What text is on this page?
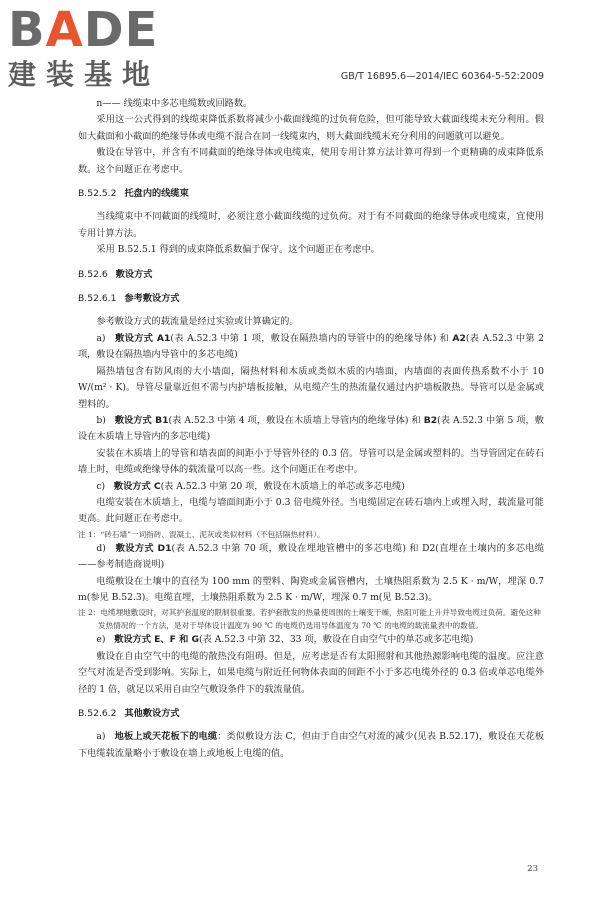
BADE
建装基地	GB/T 16895.6—2014/IEC 60364-5-52:2009

n—— 线缆束中多芯电缆数或回路数。

采用这一公式得到的线缆束降低系数将减少小截面线缆的过负荷危险，但可能导致大截面线缆未充分利用。假如大截面和小截面的绝缘导体或电缆不混合在同一线缆束内，则大截面线缆未充分利用的问题就可以避免。

敷设在导管中，并含有不同截面的绝缘导体或电缆束，使用专用计算方法计算可得到一个更精确的成束降低系数。这个问题正在考虑中。

B.52.5.2 托盘内的线缆束

当线缆束中不同截面的线缆时，必须注意小截面线缆的过负荷。对于有不同截面的绝缘导体或电缆束，宜使用专用计算方法。

采用 B.52.5.1 得到的成束降低系数偏于保守。这个问题正在考虑中。

B.52.6 敷设方式
B.52.6.1 参考敷设方式

参考敷设方式的载流量是经过实验或计算确定的。

a) 敷设方式 A1(表 A.52.3 中第 1 项，敷设在隔热墙内的导管中的的绝缘导体) 和 A2(表 A.52.3 中第 2 项，敷设在隔热墙内导管中的多芯电缆)

隔热墙包含有防风雨的大小墙面，隔热材料和木质或类似木质的内墙面，内墙面的表面传热系数不小于 10 W/(m² · K)。导管尽量靠近但不需与内护墙板接触，从电缆产生的热流量仅通过内护墙板散热。导管可以是金属或塑料的。

b) 敷设方式 B1(表 A.52.3 中第 4 项，敷设在木质墙上导管内的绝缘导体) 和 B2(表 A.52.3 中第 5 项，敷设在木质墙上导管内的多芯电缆)

安装在木质墙上的导管和墙表面的间距小于导管外径的 0.3 倍。导管可以是金属或塑料的。当导管固定在砖石墙上时，电缆或绝缘导体的载流量可以高一些。这个问题正在考虑中。

c) 敷设方式 C(表 A.52.3 中第 20 项，敷设在木质墙上的单芯或多芯电缆)

电缆安装在木质墙上，电缆与墙面间距小于 0.3 倍电缆外径。当电缆固定在砖石墙内上或埋入时，载流量可能更高。此问题正在考虑中。

注 1：“砖石墙”一词指砖、混凝土、泥灰或类似材料（不包括隔热材料）。

d) 敷设方式 D1(表 A.52.3 中第 70 项，敷设在埋地管槽中的多芯电缆) 和 D2(直埋在土壤内的多芯电缆——参考制造商说明)

电缆敷设在土壤中的直径为 100 mm 的塑料、陶瓷或金属管槽内，土壤热阻系数为 2.5 K · m/W，埋深 0.7 m(参见 B.52.3)。电缆直埋，土壤热阻系数为 2.5 K · m/W，埋深 0.7 m(见 B.52.3)。

注 2：电缆埋地敷设时，对其护套温度的限制很重要。若护套散发的热量使周围的土壤变干燥，热阻可能上升并导致电缆过负荷。避免这种发热情况的一个方法，是对于导体设计温度为 90 ℃ 的电缆仍选用导体温度为 70 ℃ 的电缆的载流量表中的数值。

e) 敷设方式 E、F 和 G(表 A.52.3 中第 32、33 项，敷设在自由空气中的单芯或多芯电缆)

敷设在自由空气中的电缆的散热没有阻碍。但是，应考虑是否有太阳照射和其他热源影响电缆的温度。应注意空气对流是否受到影响。实际上，如果电缆与附近任何物体表面的间距不小于多芯电缆外径的 0.3 倍或单芯电缆外径的 1 倍，就足以采用自由空气敷设条件下的载流量值。

B.52.6.2 其他敷设方式

a) 地板上或天花板下的电缆：类似敷设方法 C，但由于自由空气对流的减少(见表 B.52.17)，敷设在天花板下电缆载流量略小于敷设在墙上或地板上电缆的值。

23
